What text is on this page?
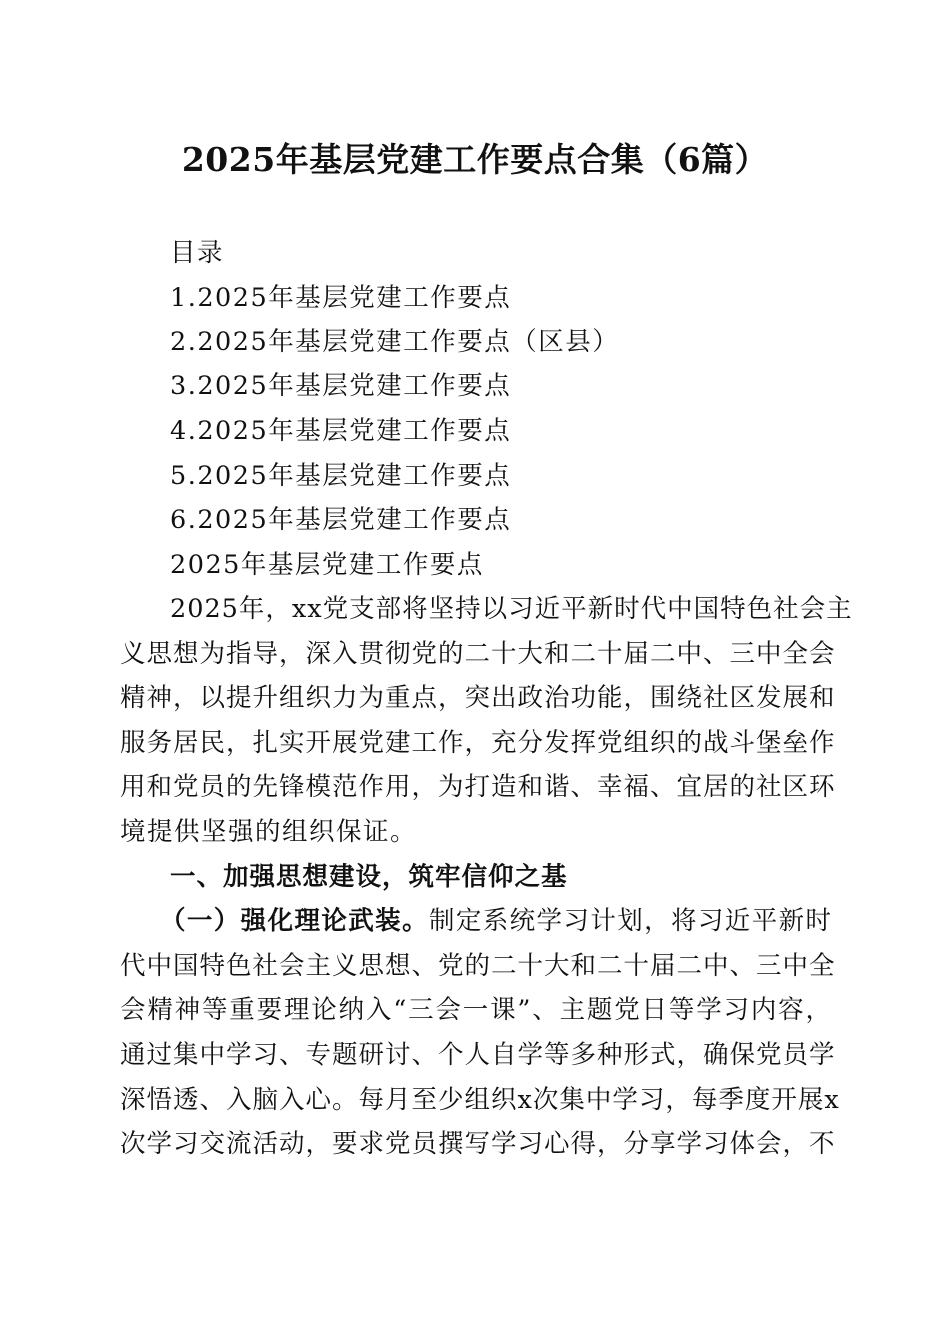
2025年基层党建工作要点合集（6篇）

目录

1.2025年基层党建工作要点

2.2025年基层党建工作要点（区县）

3.2025年基层党建工作要点

4.2025年基层党建工作要点

5.2025年基层党建工作要点

6.2025年基层党建工作要点

2025年基层党建工作要点

2025年，xx党支部将坚持以习近平新时代中国特色社会主

义思想为指导，深入贯彻党的二十大和二十届二中、三中全会

精神，以提升组织力为重点，突出政治功能，围绕社区发展和

服务居民，扎实开展党建工作，充分发挥党组织的战斗堡垒作

用和党员的先锋模范作用，为打造和谐、幸福、宜居的社区环

境提供坚强的组织保证。

一、加强思想建设，筑牢信仰之基

（一）强化理论武装。制定系统学习计划，将习近平新时

代中国特色社会主义思想、党的二十大和二十届二中、三中全

会精神等重要理论纳入“三会一课”、主题党日等学习内容，

通过集中学习、专题研讨、个人自学等多种形式，确保党员学

深悟透、入脑入心。每月至少组织x次集中学习，每季度开展x

次学习交流活动，要求党员撰写学习心得，分享学习体会，不
